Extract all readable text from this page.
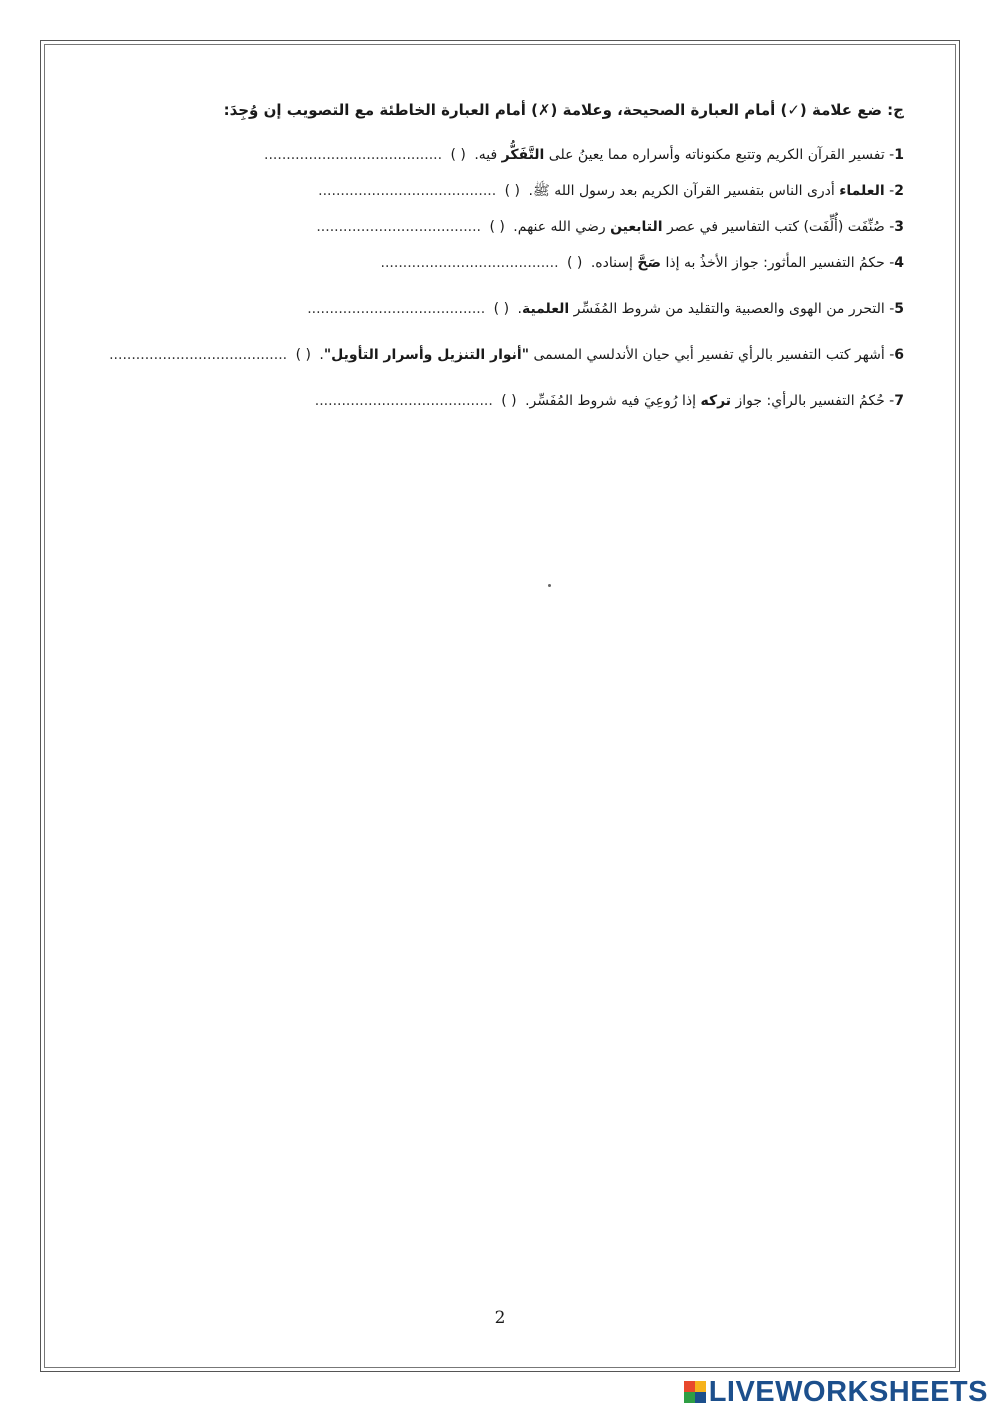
ج: ضع علامة (✓) أمام العبارة الصحيحة، وعلامة (✗) أمام العبارة الخاطئة مع التصويب إن وُجِدَ:

1- تفسير القرآن الكريم وتتبع مكنوناته وأسراره مما يعينُ على التَّفَكُّر فيه. ( ) ........................................
2- العلماء أدرى الناس بتفسير القرآن الكريم بعد رسول الله ﷺ. ( ) ........................................
3- صُنِّفَت (أُلِّفَت) كتب التفاسير في عصر التابعين رضي الله عنهم. ( ) .....................................
4- حكمُ التفسير المأثور: جواز الأخذُ به إذا صَحَّ إسناده. ( ) ........................................
5- التحرر من الهوى والعصبية والتقليد من شروط المُفَسِّر العلمية. ( ) ........................................
6- أشهر كتب التفسير بالرأي تفسير أبي حيان الأندلسي المسمى "أنوار التنزيل وأسرار التأويل". ( ) ........................................
7- حُكمُ التفسير بالرأي: جواز تركه إذا رُوعِيَ فيه شروط المُفَسِّر. ( ) ........................................
2
LIVEWORKSHEETS
